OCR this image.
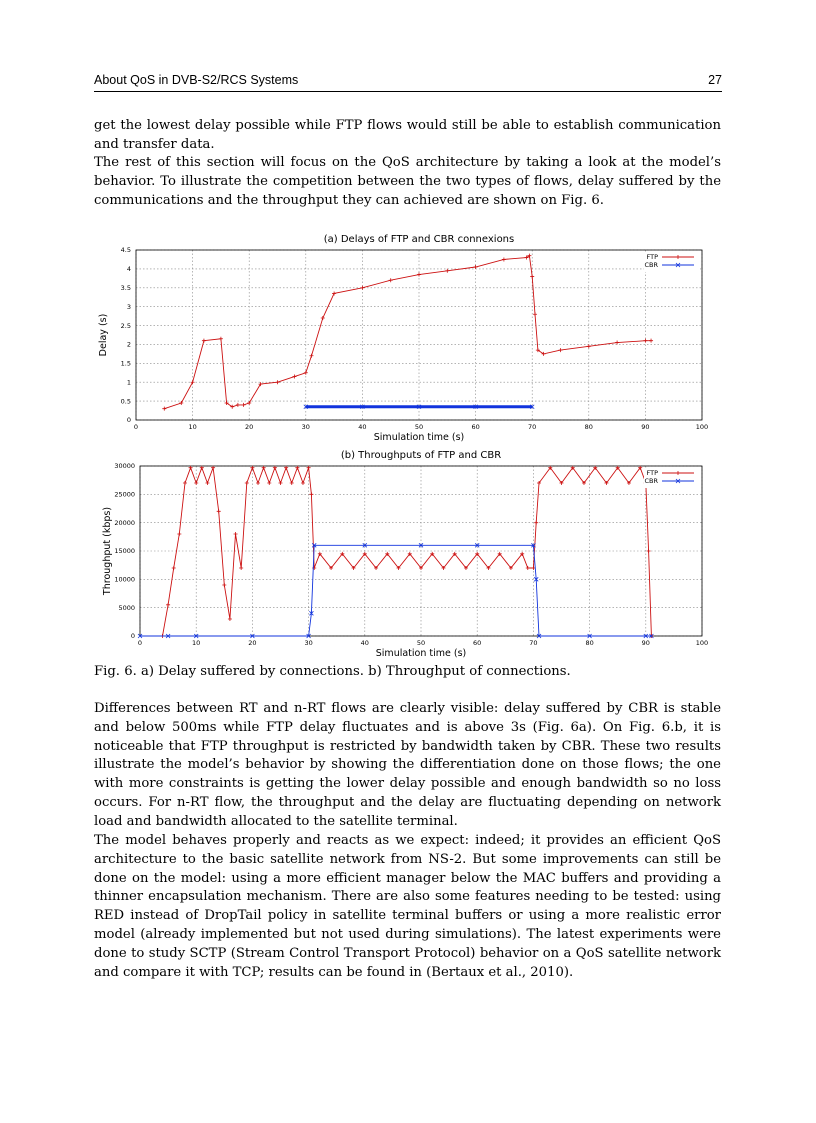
About QoS in DVB-S2/RCS Systems	27

get the lowest delay possible while FTP flows would still be able to establish communication and transfer data.

The rest of this section will focus on the QoS architecture by taking a look at the model’s behavior. To illustrate the competition between the two types of flows, delay suffered by the communications and the throughput they can achieved are shown on Fig. 6.

(a) Delays of FTP and CBR connexions
0	10	20	30	40	50	60	70	80	90	100
0
0.5
1
1.5
2
2.5
3
3.5
4
4.5
Simulation time (s)
Delay (s)
FTP
CBR
(b) Throughputs of FTP and CBR
0	10	20	30	40	50	60	70	80	90	100
0
5000
10000
15000
20000
25000
30000
Simulation time (s)
Throughput (kbps)
FTP
CBR

Fig. 6. a) Delay suffered by connections. b) Throughput of connections.

Differences between RT and n-RT flows are clearly visible: delay suffered by CBR is stable and below 500ms while FTP delay fluctuates and is above 3s (Fig. 6a). On Fig. 6.b, it is noticeable that FTP throughput is restricted by bandwidth taken by CBR. These two results illustrate the model’s behavior by showing the differentiation done on those flows; the one with more constraints is getting the lower delay possible and enough bandwidth so no loss occurs. For n-RT flow, the throughput and the delay are fluctuating depending on network load and bandwidth allocated to the satellite terminal.

The model behaves properly and reacts as we expect: indeed; it provides an efficient QoS architecture to the basic satellite network from NS-2. But some improvements can still be done on the model: using a more efficient manager below the MAC buffers and providing a thinner encapsulation mechanism. There are also some features needing to be tested: using RED instead of DropTail policy in satellite terminal buffers or using a more realistic error model (already implemented but not used during simulations). The latest experiments were done to study SCTP (Stream Control Transport Protocol) behavior on a QoS satellite network and compare it with TCP; results can be found in (Bertaux et al., 2010).
